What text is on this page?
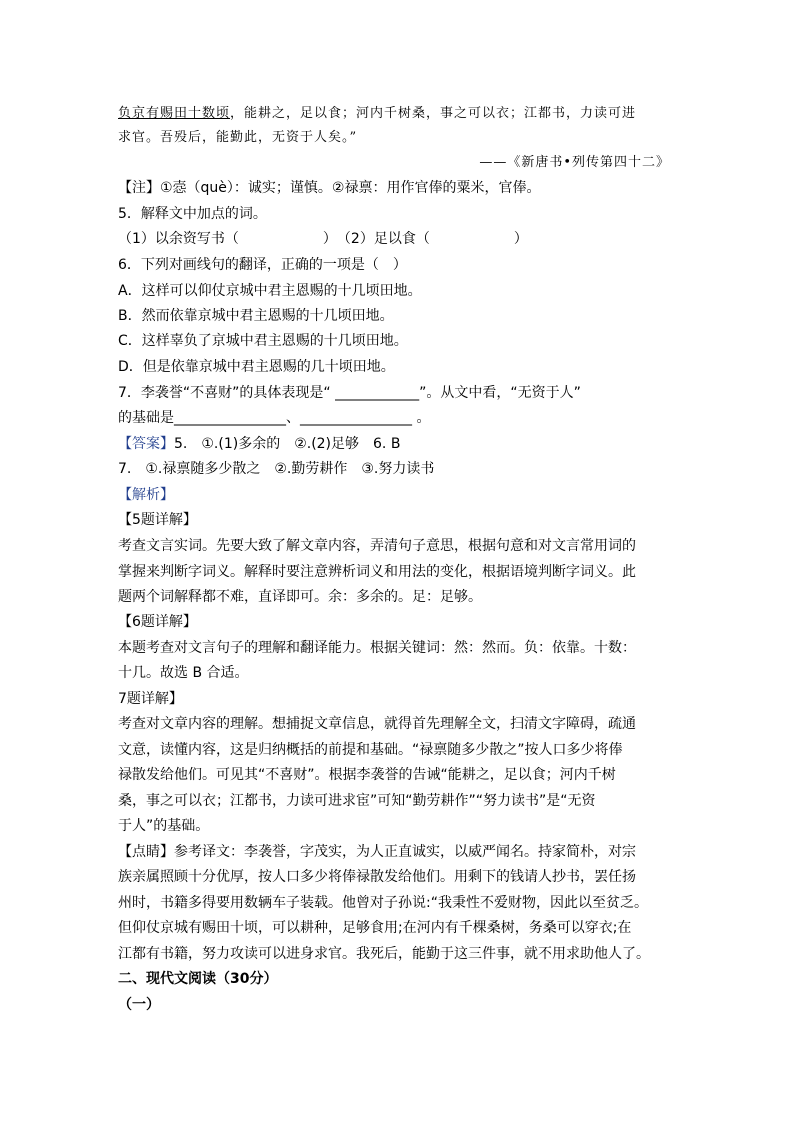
负京有赐田十数顷，能耕之，足以食；河内千树桑，事之可以衣；江都书，力读可进
求官。吾殁后，能勤此，无资于人矣。”
——《新唐书•列传第四十二》
【注】①悫（què）：诚实；谨慎。②禄禀：用作官俸的粟米，官俸。
5．解释文中加点的词。
（1）以余资写书（　　　　　　）　（2）足以食（　　　　　　）
6．下列对画线句的翻译，正确的一项是（　）
A．这样可以仰仗京城中君主恩赐的十几顷田地。
B．然而依靠京城中君主恩赐的十几顷田地。
C．这样辜负了京城中君主恩赐的十几顷田地。
D．但是依靠京城中君主恩赐的几十顷田地。
7．李袭誉“不喜财”的具体表现是“ ____________”。从文中看，“无资于人”
的基础是________________、________________ 。
【答案】5.　①.(1)多余的　②.(2)足够　6. B
7.　①.禄禀随多少散之　②.勤劳耕作　③.努力读书
【解析】
【5题详解】
考查文言实词。先要大致了解文章内容，弄清句子意思，根据句意和对文言常用词的
掌握来判断字词义。解释时要注意辨析词义和用法的变化，根据语境判断字词义。此
题两个词解释都不难，直译即可。余：多余的。足：足够。
【6题详解】
本题考查对文言句子的理解和翻译能力。根据关键词：然：然而。负：依靠。十数：
十几。故选 B 合适。
7题详解】
考查对文章内容的理解。想捕捉文章信息，就得首先理解全文，扫清文字障碍，疏通
文意，读懂内容，这是归纳概括的前提和基础。“禄禀随多少散之”按人口多少将俸
禄散发给他们。可见其“不喜财”。根据李袭誉的告诫“能耕之，足以食；河内千树
桑，事之可以衣；江都书，力读可进求宦”可知“勤劳耕作”“努力读书”是“无资
于人”的基础。
【点睛】参考译文：李袭誉，字茂实，为人正直诚实，以威严闻名。持家简朴，对宗
族亲属照顾十分优厚，按人口多少将俸禄散发给他们。用剩下的钱请人抄书，罢任扬
州时，书籍多得要用数辆车子装载。他曾对子孙说:“我秉性不爱财物，因此以至贫乏。
但仰仗京城有赐田十顷，可以耕种，足够食用;在河内有千棵桑树，务桑可以穿衣;在
江都有书籍，努力攻读可以进身求官。我死后，能勤于这三件事，就不用求助他人了。
二、现代文阅读（30分）
（一）
